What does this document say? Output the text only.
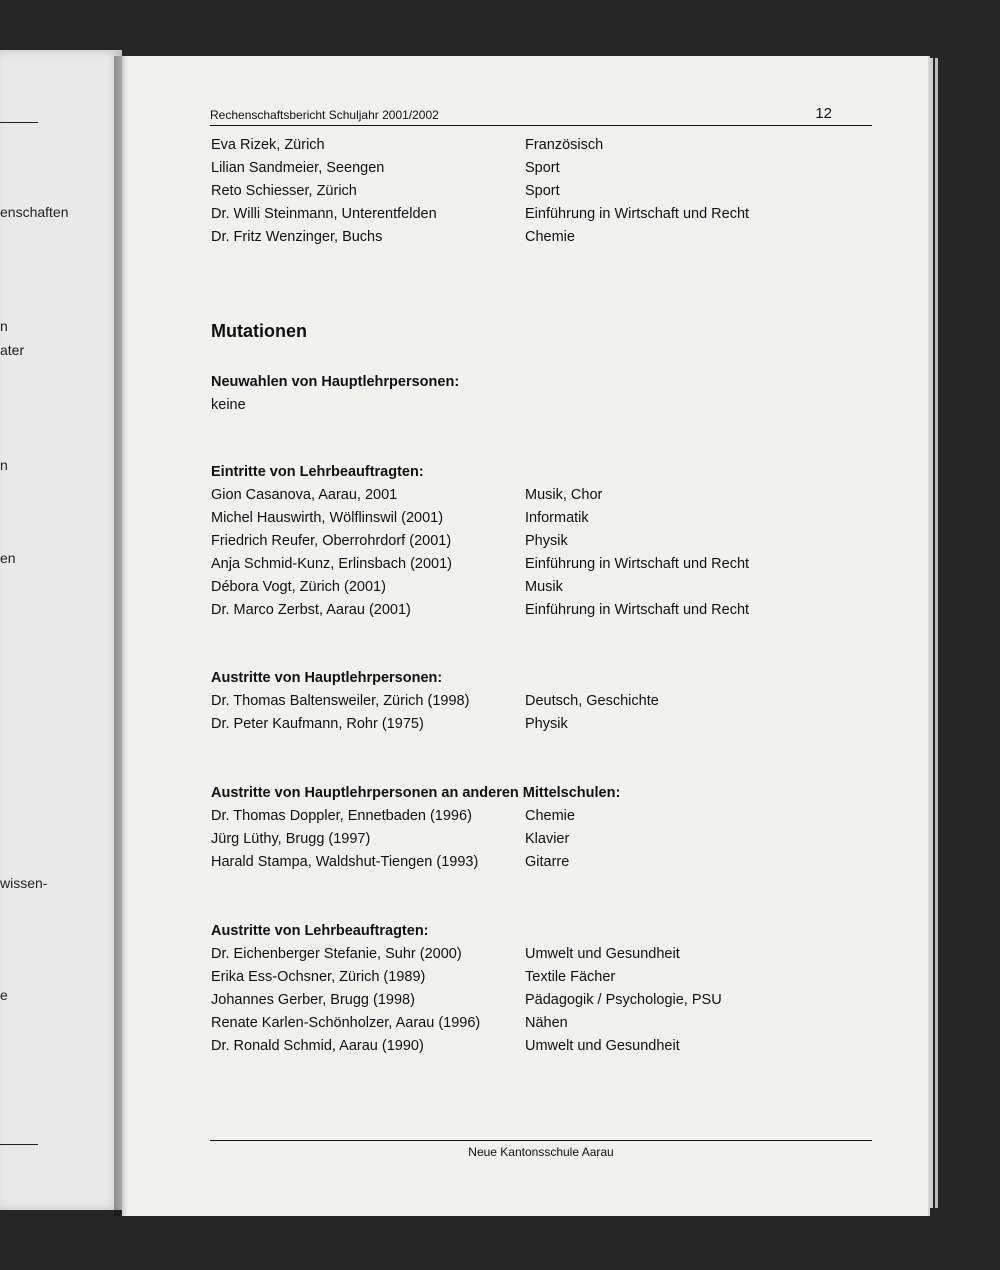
enschaften
n
ater
n
en
wissen-
e
Rechenschaftsbericht Schuljahr 2001/2002	12
Eva Rizek, Zürich	Französisch
Lilian Sandmeier, Seengen	Sport
Reto Schiesser, Zürich	Sport
Dr. Willi Steinmann, Unterentfelden	Einführung in Wirtschaft und Recht
Dr. Fritz Wenzinger, Buchs	Chemie
Mutationen
Neuwahlen von Hauptlehrpersonen:
keine
Eintritte von Lehrbeauftragten:
Gion Casanova, Aarau, 2001	Musik, Chor
Michel Hauswirth, Wölflinswil (2001)	Informatik
Friedrich Reufer, Oberrohrdorf (2001)	Physik
Anja Schmid-Kunz, Erlinsbach (2001)	Einführung in Wirtschaft und Recht
Débora Vogt, Zürich (2001)	Musik
Dr. Marco Zerbst, Aarau (2001)	Einführung in Wirtschaft und Recht
Austritte von Hauptlehrpersonen:
Dr. Thomas Baltensweiler, Zürich (1998)	Deutsch, Geschichte
Dr. Peter Kaufmann, Rohr (1975)	Physik
Austritte von Hauptlehrpersonen an anderen Mittelschulen:
Dr. Thomas Doppler, Ennetbaden (1996)	Chemie
Jürg Lüthy, Brugg (1997)	Klavier
Harald Stampa, Waldshut-Tiengen (1993)	Gitarre
Austritte von Lehrbeauftragten:
Dr. Eichenberger Stefanie, Suhr (2000)	Umwelt und Gesundheit
Erika Ess-Ochsner, Zürich (1989)	Textile Fächer
Johannes Gerber, Brugg (1998)	Pädagogik / Psychologie, PSU
Renate Karlen-Schönholzer, Aarau (1996)	Nähen
Dr. Ronald Schmid, Aarau (1990)	Umwelt und Gesundheit
Neue Kantonsschule Aarau
